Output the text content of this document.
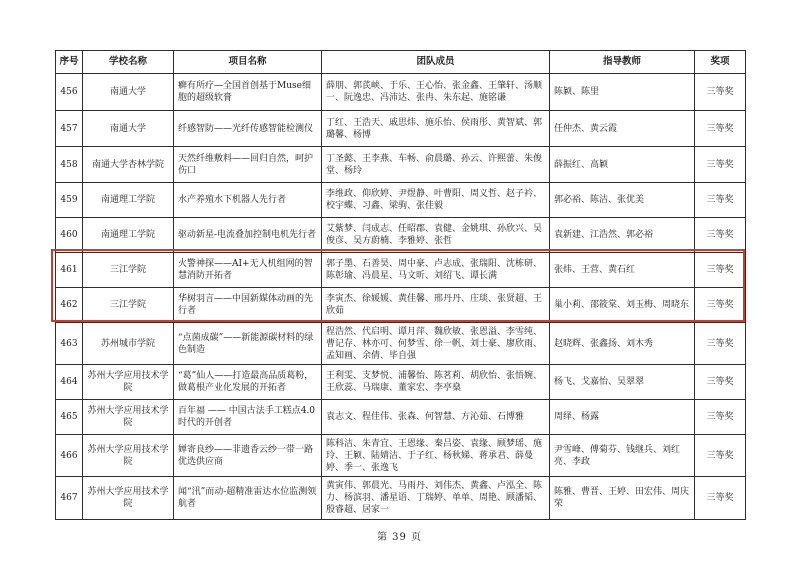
序号	学校名称	项目名称	团队成员	指导教师	奖项
456	南通大学	癣有所疗—全国首创基于Muse细胞的超级软膏	薛朋、郭芪峡、于乐、王心怡、张金鑫、王肇轩、汤顺一、阮逸忠、冯沛达、张冉、朱东起、施铭谦	陈颖、陈里	三等奖
457	南通大学	纤感智防——光纤传感智能检测仪	丁红、王浩天、戚思炜、施乐怡、侯雨彤、黄智斌、郭璐馨、杨博	任仲杰、黄云霞	三等奖
458	南通大学杏林学院	天然纤维敷料——回归自然，呵护伤口	丁圣懿、王李燕、车畅、俞晨璐、孙云、许熙蕾、朱俊堂、杨玲	薛振红、高颖	三等奖
459	南通理工学院	水产养殖水下机器人先行者	李维政、仰欣婷、尹煜静、叶曹阳、周义哲、赵子衿、校宇蝶、习鑫、梁驹、张佳毅	郭必裕、陈洁、张优美	三等奖
460	南通理工学院	驱动新星-电流叠加控制电机先行者	艾紫梦、闫成志、任昭郡、袁健、金姚琪、孙欣兴、吴俊彦、吴方蔚楠、李雅婷、张哲	袁新建、江浩然、郭必裕	三等奖
461	三江学院	火警神探——AI+无人机组网的智慧消防开拓者	郭子墨、石善昊、周中豪、卢志成、张瑞阳、沈栋研、陈彰瑜、冯晨星、马文昕、刘绍飞、谭长满	张炜、王营、黄石红	三等奖
462	三江学院	华树羽言——中国新媒体动画的先行者	李寅杰、徐媛媛、黄佳馨、邢丹丹、庄琰、张贤超、王欣茹	巢小莉、邵筱棠、刘玉梅、周晓东	三等奖
463	苏州城市学院	“点菌成碳”——新能源碳材料的绿色制造	程浩然、代启明、谭月萍、魏欣敏、张恩溢、李雪纯、曹记存、林亦可、何梦雪、徐一帆、刘士豪、廖欣雨、孟知画、余倩、毕自强	赵晓辉、张鑫扬、刘木秀	三等奖
464	苏州大学应用技术学院	“葛”仙人——打造最高品质葛粉，做葛根产业化发展的开拓者	王利雯、支梦悦、浦馨怡、陈茗莉、胡欣怡、张悟婉、王欣蕊、马瑞康、董家宏、李亭燊	杨飞、戈嘉怡、吴翠翠	三等奖
465	苏州大学应用技术学院	百年福 —— 中国古法手工糕点4.0时代的开创者	袁志文、程佳伟、张森、何智慧、方沁茹、石博雅	周绎、杨露	三等奖
466	苏州大学应用技术学院	婵寄良纱——非遗香云纱一带一路优选供应商	陈科洁、朱青宜、王恩缘、秦吕姿、袁缘、顾梦瑶、施玲、王颖、陆婧洁、于子红、杨秋娣、蒋承君、薛曼婷、季一、张逸飞	尹雪峰、傅菊芬、钱继兵、刘红亮、李政	三等奖
467	苏州大学应用技术学院	闻“汛”而动-超精准雷达水位监测领航者	黄寅伟、郭晨光、马雨丹、刘伟杰、黄鑫、卢泓全、陈力、杨滨羽、潘星语、丁瑞婷、单单、周艳、顾潘韬、殷睿超、居家一	陈雅、曹晋、王婷、田宏伟、周庆荣	三等奖
第 39 页
